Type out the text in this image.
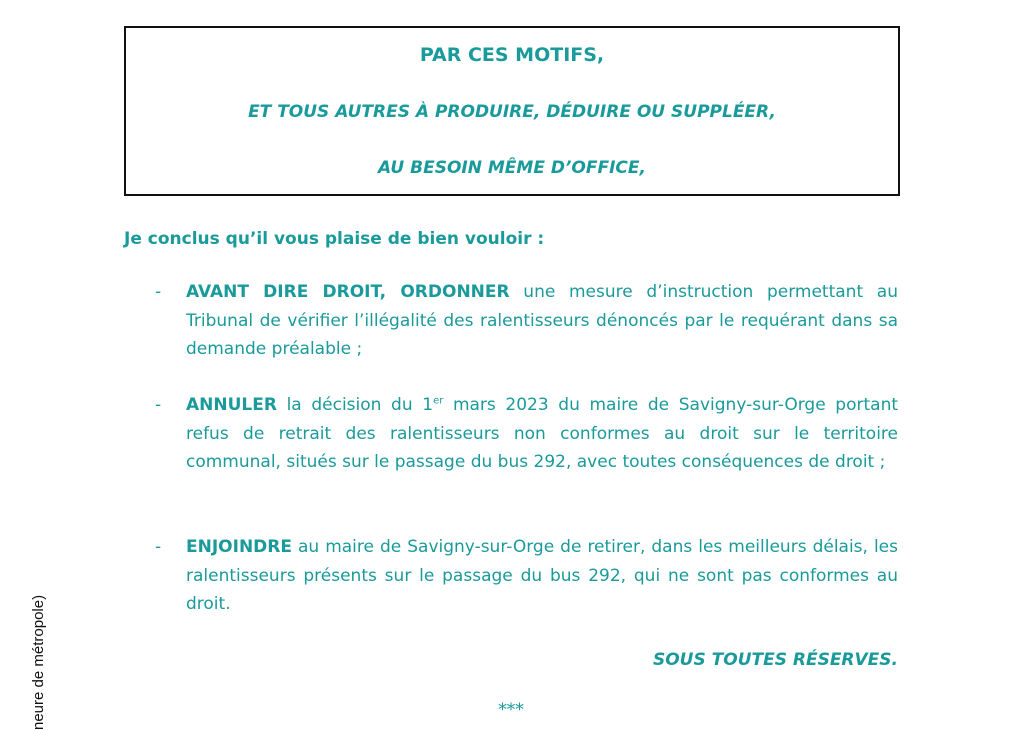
PAR CES MOTIFS,

ET TOUS AUTRES À PRODUIRE, DÉDUIRE OU SUPPLÉER,

AU BESOIN MÊME D’OFFICE,

Je conclus qu’il vous plaise de bien vouloir :

- AVANT DIRE DROIT, ORDONNER une mesure d’instruction permettant au Tribunal de vérifier l’illégalité des ralentisseurs dénoncés par le requérant dans sa demande préalable ;
- ANNULER la décision du 1er mars 2023 du maire de Savigny-sur-Orge portant refus de retrait des ralentisseurs non conformes au droit sur le territoire communal, situés sur le passage du bus 292, avec toutes conséquences de droit ;
- ENJOINDRE au maire de Savigny-sur-Orge de retirer, dans les meilleurs délais, les ralentisseurs présents sur le passage du bus 292, qui ne sont pas conformes au droit.

SOUS TOUTES RÉSERVES.

***

neure de métropole)
